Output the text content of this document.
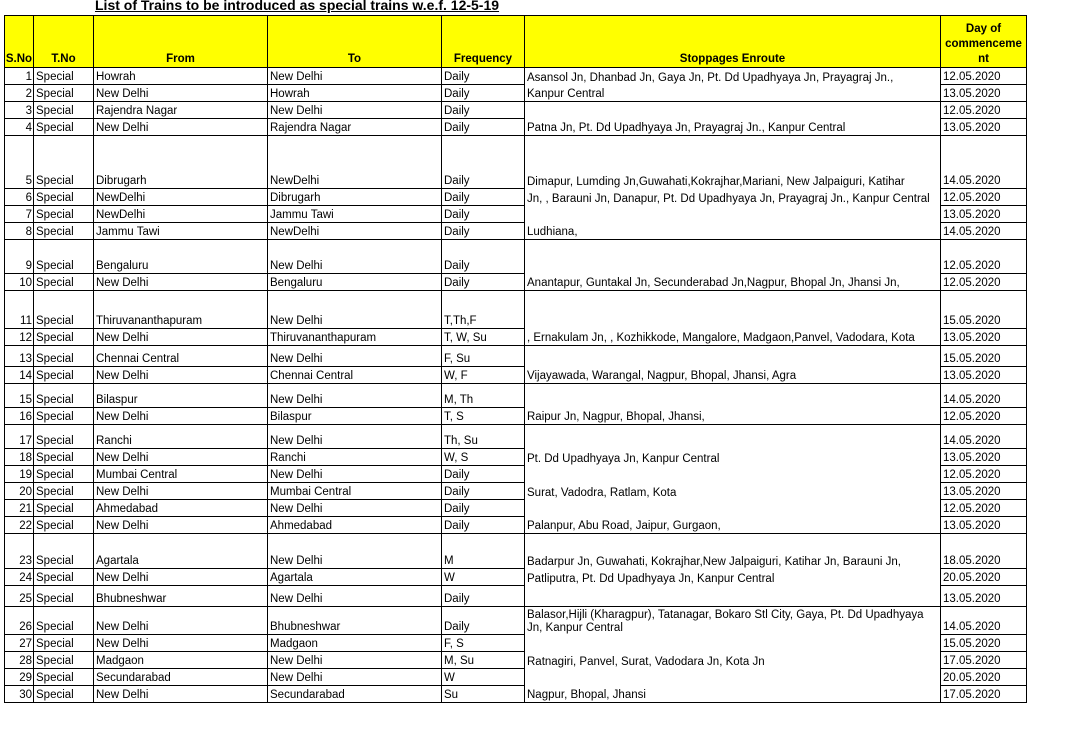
List of Trains to be introduced as special trains w.e.f. 12-5-19
S.No	T.No	From	To	Frequency	Stoppages Enroute	Day of commenceme nt
1	Special	Howrah	New Delhi	Daily	Asansol Jn, Dhanbad Jn, Gaya Jn, Pt. Dd Upadhyaya Jn, Prayagraj Jn.,	12.05.2020
2	Special	New Delhi	Howrah	Daily	Kanpur Central	13.05.2020
3	Special	Rajendra Nagar	New Delhi	Daily		12.05.2020
4	Special	New Delhi	Rajendra Nagar	Daily	Patna Jn, Pt. Dd Upadhyaya Jn, Prayagraj Jn., Kanpur Central	13.05.2020
5	Special	Dibrugarh	NewDelhi	Daily	Dimapur, Lumding Jn,Guwahati,Kokrajhar,Mariani, New Jalpaiguri, Katihar	14.05.2020
6	Special	NewDelhi	Dibrugarh	Daily	Jn, , Barauni Jn, Danapur, Pt. Dd Upadhyaya Jn, Prayagraj Jn., Kanpur Central	12.05.2020
7	Special	NewDelhi	Jammu Tawi	Daily		13.05.2020
8	Special	Jammu Tawi	NewDelhi	Daily	Ludhiana,	14.05.2020
9	Special	Bengaluru	New Delhi	Daily		12.05.2020
10	Special	New Delhi	Bengaluru	Daily	Anantapur, Guntakal Jn, Secunderabad Jn,Nagpur, Bhopal Jn, Jhansi Jn,	12.05.2020
11	Special	Thiruvananthapuram	New Delhi	T,Th,F		15.05.2020
12	Special	New Delhi	Thiruvananthapuram	T, W, Su	, Ernakulam Jn, , Kozhikkode, Mangalore, Madgaon,Panvel, Vadodara, Kota	13.05.2020
13	Special	Chennai Central	New Delhi	F, Su		15.05.2020
14	Special	New Delhi	Chennai Central	W, F	Vijayawada, Warangal, Nagpur, Bhopal, Jhansi, Agra	13.05.2020
15	Special	Bilaspur	New Delhi	M, Th		14.05.2020
16	Special	New Delhi	Bilaspur	T, S	Raipur Jn, Nagpur, Bhopal, Jhansi,	12.05.2020
17	Special	Ranchi	New Delhi	Th, Su		14.05.2020
18	Special	New Delhi	Ranchi	W, S	Pt. Dd Upadhyaya Jn, Kanpur Central	13.05.2020
19	Special	Mumbai Central	New Delhi	Daily		12.05.2020
20	Special	New Delhi	Mumbai Central	Daily	Surat, Vadodra, Ratlam, Kota	13.05.2020
21	Special	Ahmedabad	New Delhi	Daily		12.05.2020
22	Special	New Delhi	Ahmedabad	Daily	Palanpur, Abu Road, Jaipur, Gurgaon,	13.05.2020
23	Special	Agartala	New Delhi	M	Badarpur Jn, Guwahati, Kokrajhar,New Jalpaiguri, Katihar Jn, Barauni Jn,	18.05.2020
24	Special	New Delhi	Agartala	W	Patliputra, Pt. Dd Upadhyaya Jn, Kanpur Central	20.05.2020
25	Special	Bhubneshwar	New Delhi	Daily		13.05.2020
26	Special	New Delhi	Bhubneshwar	Daily	Balasor,Hijli (Kharagpur), Tatanagar, Bokaro Stl City, Gaya, Pt. Dd Upadhyaya Jn, Kanpur Central	14.05.2020
27	Special	New Delhi	Madgaon	F, S		15.05.2020
28	Special	Madgaon	New Delhi	M, Su	Ratnagiri, Panvel, Surat, Vadodara Jn, Kota Jn	17.05.2020
29	Special	Secundarabad	New Delhi	W		20.05.2020
30	Special	New Delhi	Secundarabad	Su	Nagpur, Bhopal, Jhansi	17.05.2020
